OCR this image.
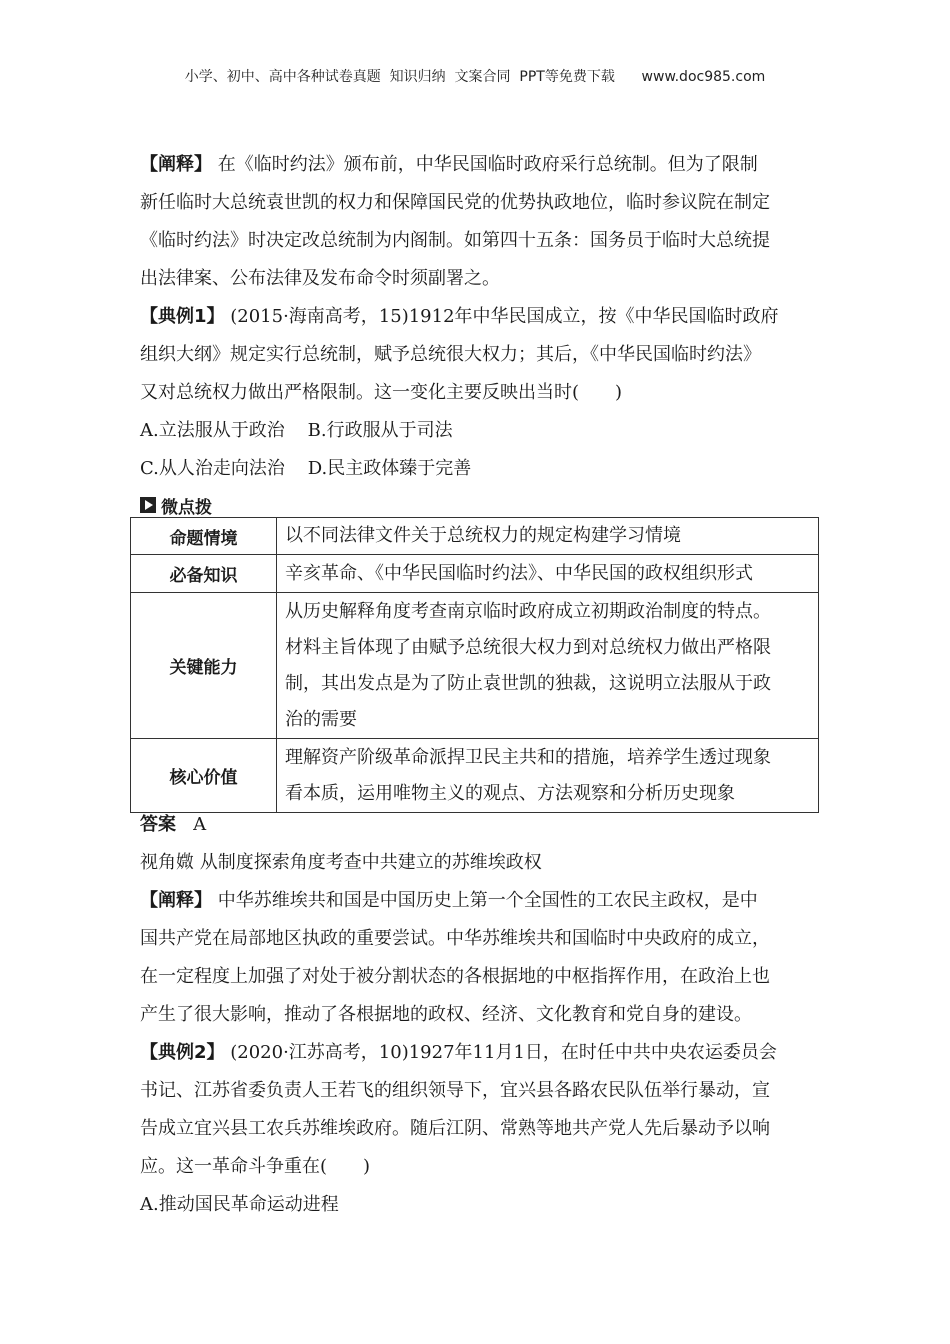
小学、初中、高中各种试卷真题  知识归纳  文案合同  PPT等免费下载      www.doc985.com

【阐释】 在《临时约法》颁布前，中华民国临时政府采行总统制。但为了限制
新任临时大总统袁世凯的权力和保障国民党的优势执政地位，临时参议院在制定
《临时约法》时决定改总统制为内阁制。如第四十五条：国务员于临时大总统提
出法律案、公布法律及发布命令时须副署之。

【典例1】 (2015·海南高考，15)1912年中华民国成立，按《中华民国临时政府
组织大纲》规定实行总统制，赋予总统很大权力；其后，《中华民国临时约法》
又对总统权力做出严格限制。这一变化主要反映出当时(　　)

A.立法服从于政治 B.行政服从于司法
C.从人治走向法治 D.民主政体臻于完善
微点拨
命题情境	以不同法律文件关于总统权力的规定构建学习情境
必备知识	辛亥革命、《中华民国临时约法》、中华民国的政权组织形式
关键能力	从历史解释角度考查南京临时政府成立初期政治制度的特点。
材料主旨体现了由赋予总统很大权力到对总统权力做出严格限
制，其出发点是为了防止袁世凯的独裁，这说明立法服从于政
治的需要
核心价值	理解资产阶级革命派捍卫民主共和的措施，培养学生透过现象
看本质，运用唯物主义的观点、方法观察和分析历史现象
答案 A
视角媺 从制度探索角度考查中共建立的苏维埃政权

【阐释】 中华苏维埃共和国是中国历史上第一个全国性的工农民主政权，是中
国共产党在局部地区执政的重要尝试。中华苏维埃共和国临时中央政府的成立，
在一定程度上加强了对处于被分割状态的各根据地的中枢指挥作用，在政治上也
产生了很大影响，推动了各根据地的政权、经济、文化教育和党自身的建设。

【典例2】 (2020·江苏高考，10)1927年11月1日，在时任中共中央农运委员会
书记、江苏省委负责人王若飞的组织领导下，宜兴县各路农民队伍举行暴动，宣
告成立宜兴县工农兵苏维埃政府。随后江阴、常熟等地共产党人先后暴动予以响
应。这一革命斗争重在(　　)

A.推动国民革命运动进程
